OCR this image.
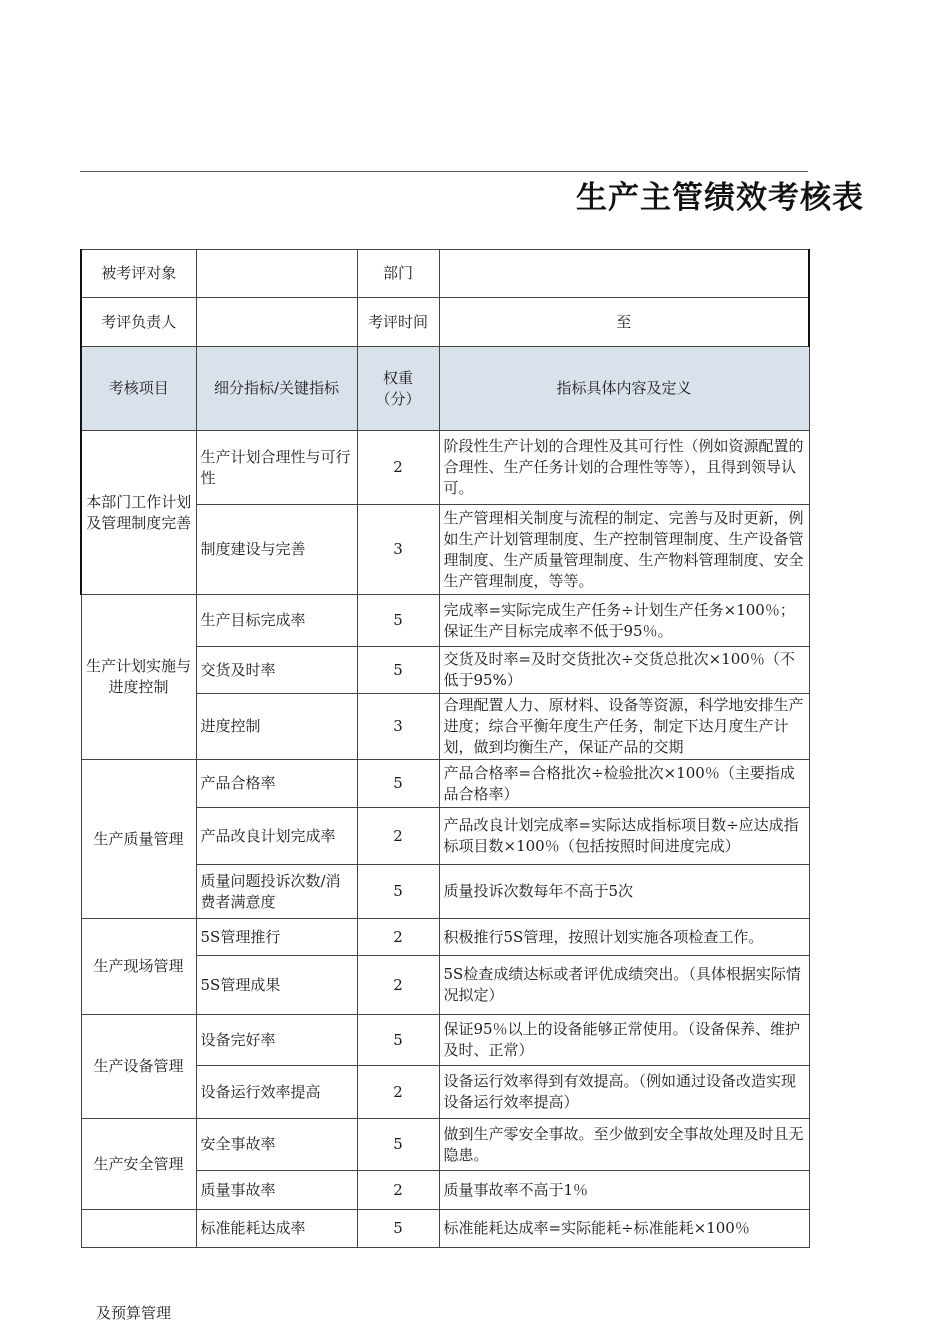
生产主管绩效考核表
被考评对象		部门	
考评负责人		考评时间	至
考核项目	细分指标/关键指标	权重（分）	指标具体内容及定义
本部门工作计划及管理制度完善	生产计划合理性与可行性	2	阶段性生产计划的合理性及其可行性（例如资源配置的合理性、生产任务计划的合理性等等），且得到领导认可。
	制度建设与完善	3	生产管理相关制度与流程的制定、完善与及时更新，例如生产计划管理制度、生产控制管理制度、生产设备管理制度、生产质量管理制度、生产物料管理制度、安全生产管理制度，等等。
生产计划实施与进度控制	生产目标完成率	5	完成率=实际完成生产任务÷计划生产任务×100％；保证生产目标完成率不低于95％。
	交货及时率	5	交货及时率=及时交货批次÷交货总批次×100％（不低于95%）
	进度控制	3	合理配置人力、原材料、设备等资源，科学地安排生产进度；综合平衡年度生产任务，制定下达月度生产计划，做到均衡生产，保证产品的交期
生产质量管理	产品合格率	5	产品合格率=合格批次÷检验批次×100％（主要指成品合格率）
	产品改良计划完成率	2	产品改良计划完成率=实际达成指标项目数÷应达成指标项目数×100％（包括按照时间进度完成）
	质量问题投诉次数/消费者满意度	5	质量投诉次数每年不高于5次
生产现场管理	5S管理推行	2	积极推行5S管理，按照计划实施各项检查工作。
	5S管理成果	2	5S检查成绩达标或者评优成绩突出。（具体根据实际情况拟定）
生产设备管理	设备完好率	5	保证95％以上的设备能够正常使用。（设备保养、维护及时、正常）
	设备运行效率提高	2	设备运行效率得到有效提高。（例如通过设备改造实现设备运行效率提高）
生产安全管理	安全事故率	5	做到生产零安全事故。至少做到安全事故处理及时且无隐患。
	质量事故率	2	质量事故率不高于1％
	标准能耗达成率	5	标准能耗达成率=实际能耗÷标准能耗×100％
及预算管理
